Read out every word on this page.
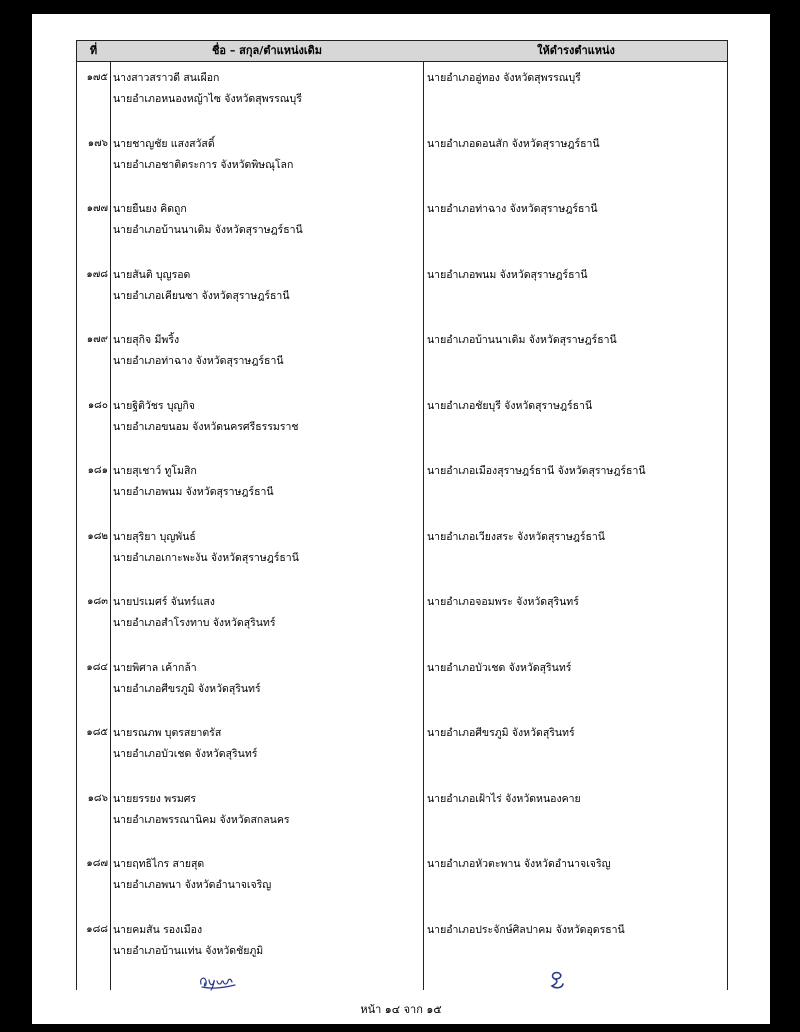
ที่	ชื่อ – สกุล/ตำแหน่งเดิม	ให้ดำรงตำแหน่ง
๑๗๕ นางสาวสราวดี สนเผือก
นายอำเภอหนองหญ้าไซ จังหวัดสุพรรณบุรี
นายอำเภออู่ทอง จังหวัดสุพรรณบุรี
๑๗๖ นายชาญชัย แสงสวัสดิ์
นายอำเภอชาติตระการ จังหวัดพิษณุโลก
นายอำเภอดอนสัก จังหวัดสุราษฎร์ธานี
๑๗๗ นายยืนยง คิดถูก
นายอำเภอบ้านนาเดิม จังหวัดสุราษฎร์ธานี
นายอำเภอท่าฉาง จังหวัดสุราษฎร์ธานี
๑๗๘ นายสันติ บุญรอด
นายอำเภอเคียนซา จังหวัดสุราษฎร์ธานี
นายอำเภอพนม จังหวัดสุราษฎร์ธานี
๑๗๙ นายสุกิจ มีพริ้ง
นายอำเภอท่าฉาง จังหวัดสุราษฎร์ธานี
นายอำเภอบ้านนาเดิม จังหวัดสุราษฎร์ธานี
๑๘๐ นายฐิติวัชร บุญกิจ
นายอำเภอขนอม จังหวัดนครศรีธรรมราช
นายอำเภอชัยบุรี จังหวัดสุราษฎร์ธานี
๑๘๑ นายสุเชาว์ ทูโมสิก
นายอำเภอพนม จังหวัดสุราษฎร์ธานี
นายอำเภอเมืองสุราษฎร์ธานี จังหวัดสุราษฎร์ธานี
๑๘๒ นายสุริยา บุญพันธ์
นายอำเภอเกาะพะงัน จังหวัดสุราษฎร์ธานี
นายอำเภอเวียงสระ จังหวัดสุราษฎร์ธานี
๑๘๓ นายปรเมศร์ จันทร์แสง
นายอำเภอสำโรงทาบ จังหวัดสุรินทร์
นายอำเภอจอมพระ จังหวัดสุรินทร์
๑๘๔ นายพิศาล เค้ากล้า
นายอำเภอศีขรภูมิ จังหวัดสุรินทร์
นายอำเภอบัวเชด จังหวัดสุรินทร์
๑๘๕ นายรณภพ บุตรสยาตรัส
นายอำเภอบัวเชด จังหวัดสุรินทร์
นายอำเภอศีขรภูมิ จังหวัดสุรินทร์
๑๘๖ นายยรรยง พรมศร
นายอำเภอพรรณานิคม จังหวัดสกลนคร
นายอำเภอเฝ้าไร่ จังหวัดหนองคาย
๑๘๗ นายฤทธิไกร สายสุด
นายอำเภอพนา จังหวัดอำนาจเจริญ
นายอำเภอหัวตะพาน จังหวัดอำนาจเจริญ
๑๘๘ นายคมสัน รองเมือง
นายอำเภอบ้านแท่น จังหวัดชัยภูมิ
นายอำเภอประจักษ์ศิลปาคม จังหวัดอุดรธานี
หน้า ๑๔ จาก ๑๕
